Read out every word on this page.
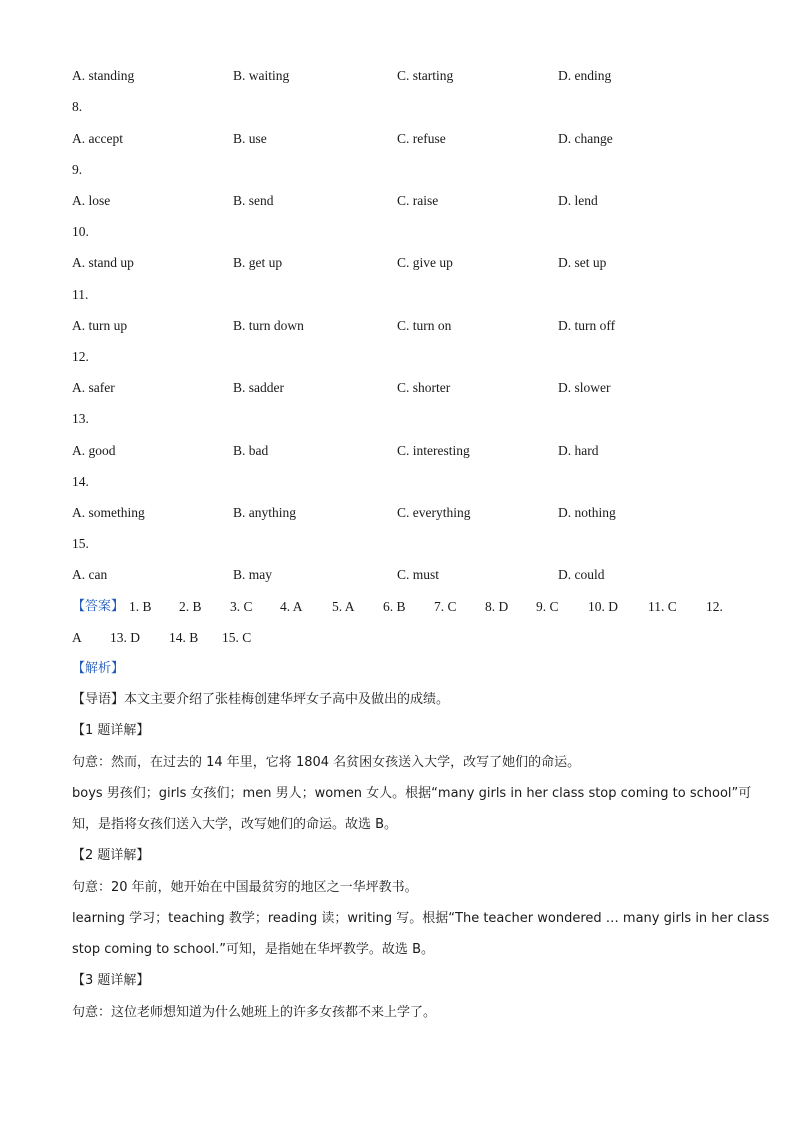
A. standing	B. waiting	C. starting	D. ending
8.
A. accept	B. use	C. refuse	D. change
9.
A. lose	B. send	C. raise	D. lend
10.
A. stand up	B. get up	C. give up	D. set up
11.
A. turn up	B. turn down	C. turn on	D. turn off
12.
A. safer	B. sadder	C. shorter	D. slower
13.
A. good	B. bad	C. interesting	D. hard
14.
A. something	B. anything	C. everything	D. nothing
15.
A. can	B. may	C. must	D. could
【答案】 1. B 2. B 3. C 4. A 5. A 6. B 7. C 8. D 9. C 10. D 11. C 12.
A 13. D 14. B 15. C
【解析】
【导语】本文主要介绍了张桂梅创建华坪女子高中及做出的成绩。
【1 题详解】
句意：然而，在过去的 14 年里，它将 1804 名贫困女孩送入大学，改写了她们的命运。
boys 男孩们；girls 女孩们；men 男人；women 女人。根据“many girls in her class stop coming to school”可
知，是指将女孩们送入大学，改写她们的命运。故选 B。
【2 题详解】
句意：20 年前，她开始在中国最贫穷的地区之一华坪教书。
learning 学习；teaching 教学；reading 读；writing 写。根据“The teacher wondered … many girls in her class
stop coming to school.”可知，是指她在华坪教学。故选 B。
【3 题详解】
句意：这位老师想知道为什么她班上的许多女孩都不来上学了。
